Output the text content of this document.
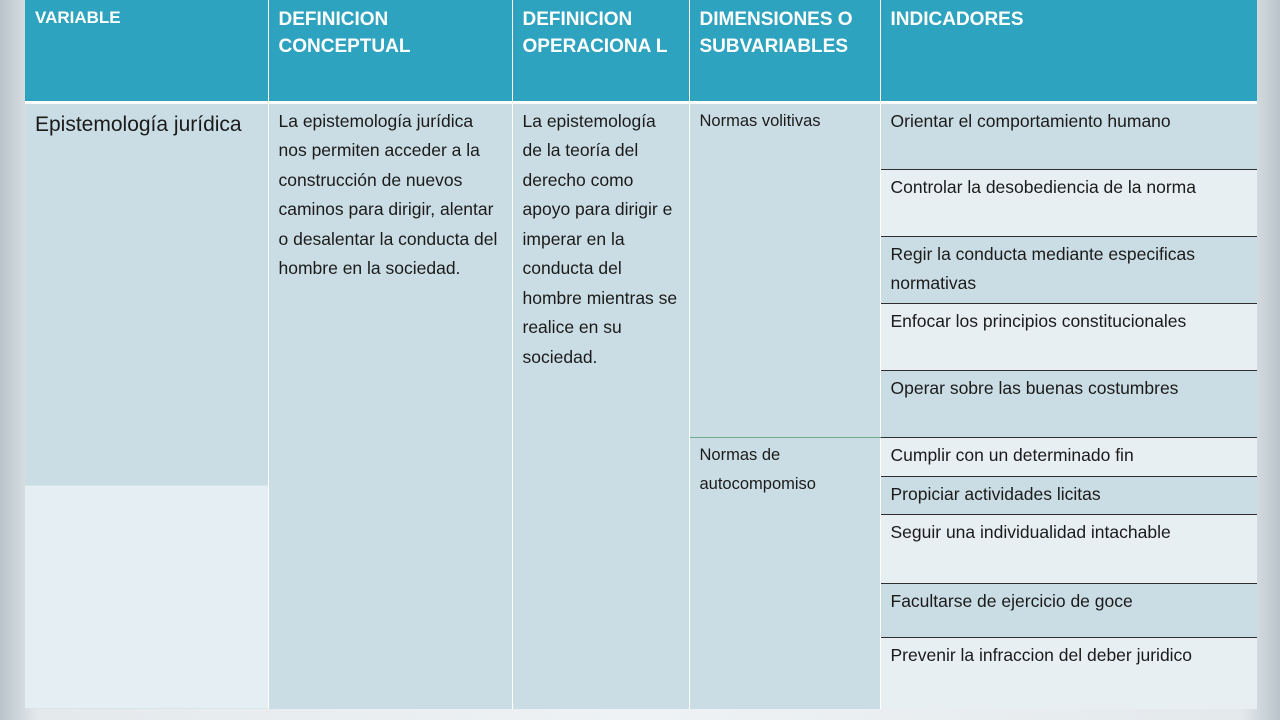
VARIABLE	DEFINICION CONCEPTUAL	DEFINICION OPERACIONA L	DIMENSIONES O SUBVARIABLES	INDICADORES
Epistemología jurídica	La epistemología jurídica nos permiten acceder a la construcción de nuevos caminos para dirigir, alentar o desalentar la conducta del hombre en la sociedad.	La epistemología de la teoría del derecho como apoyo para dirigir e imperar en la conducta del hombre mientras se realice en su sociedad.	Normas volitivas	Orientar el comportamiento humano
				Controlar la desobediencia de la norma
				Regir la conducta mediante especificas normativas
				Enfocar los principios constitucionales
				Operar sobre las buenas costumbres
			Normas de autocompomiso	Cumplir con un determinado fin
				Propiciar actividades licitas
				Seguir una individualidad intachable
				Facultarse de ejercicio de goce
				Prevenir la infraccion del deber juridico
